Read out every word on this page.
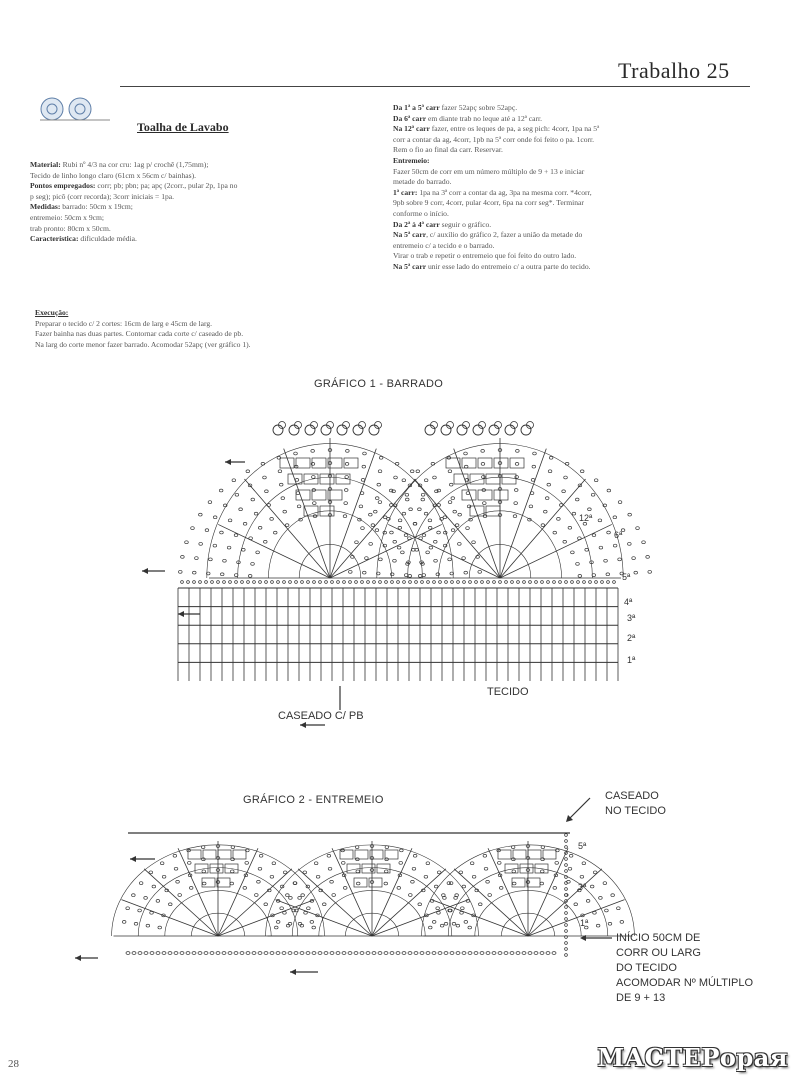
Trabalho 25
Toalha de Lavabo
Material: Rubi nº 4/3 na cor cru: 1ag p/ crochê (1,75mm);
Tecido de linho longo claro (61cm x 56cm c/ bainhas).
Pontos empregados: corr; pb; pbn; pa; apç (2corr., pular 2p, 1pa no
p seg); picô (corr recorda); 3corr iniciais = 1pa.
Medidas: barrado: 50cm x 19cm;
entremeio: 50cm x 9cm;
trab pronto: 80cm x 50cm.
Característica: dificuldade média.
Execução:
Preparar o tecido c/ 2 cortes: 16cm de larg e 45cm de larg.
Fazer bainha nas duas partes. Contornar cada corte c/ caseado de pb.
Na larg do corte menor fazer barrado. Acomodar 52apç (ver gráfico 1).
Da 1ª a 5ª carr fazer 52apç sobre 52apç.
Da 6ª carr em diante trab no leque até a 12ª carr.
Na 12ª carr fazer, entre os leques de pa, a seg pich: 4corr, 1pa na 5ª
corr a contar da ag, 4corr, 1pb na 5ª corr onde foi feito o pa. 1corr.
Rem o fio ao final da carr. Reservar.
Entremeio:
Fazer 50cm de corr em um número múltiplo de 9 + 13 e iniciar
metade do barrado.
1ª carr: 1pa na 3ª corr a contar da ag, 3pa na mesma corr. *4corr,
9pb sobre 9 corr, 4corr, pular 4corr, 6pa na corr seg*. Terminar
conforme o início.
Da 2ª à 4ª carr seguir o gráfico.
Na 5ª carr, c/ auxílio do gráfico 2, fazer a união da metade do
entremeio c/ a tecido e o barrado.
Virar o trab e repetir o entremeio que foi feito do outro lado.
Na 5ª carr unir esse lado do entremeio c/ a outra parte do tecido.
GRÁFICO 1 - BARRADO
TECIDO
CASEADO C/ PB
1ª
2ª
3ª
4ª
5ª
6ª
12ª
GRÁFICO 2 - ENTREMEIO	CASEADO
NO TECIDO
INÍCIO 50CM DE
CORR OU LARG
DO TECIDO
ACOMODAR Nº MÚLTIPLO
DE 9 + 13
5ª
3ª
1ª
28	МАСТЕРорая
